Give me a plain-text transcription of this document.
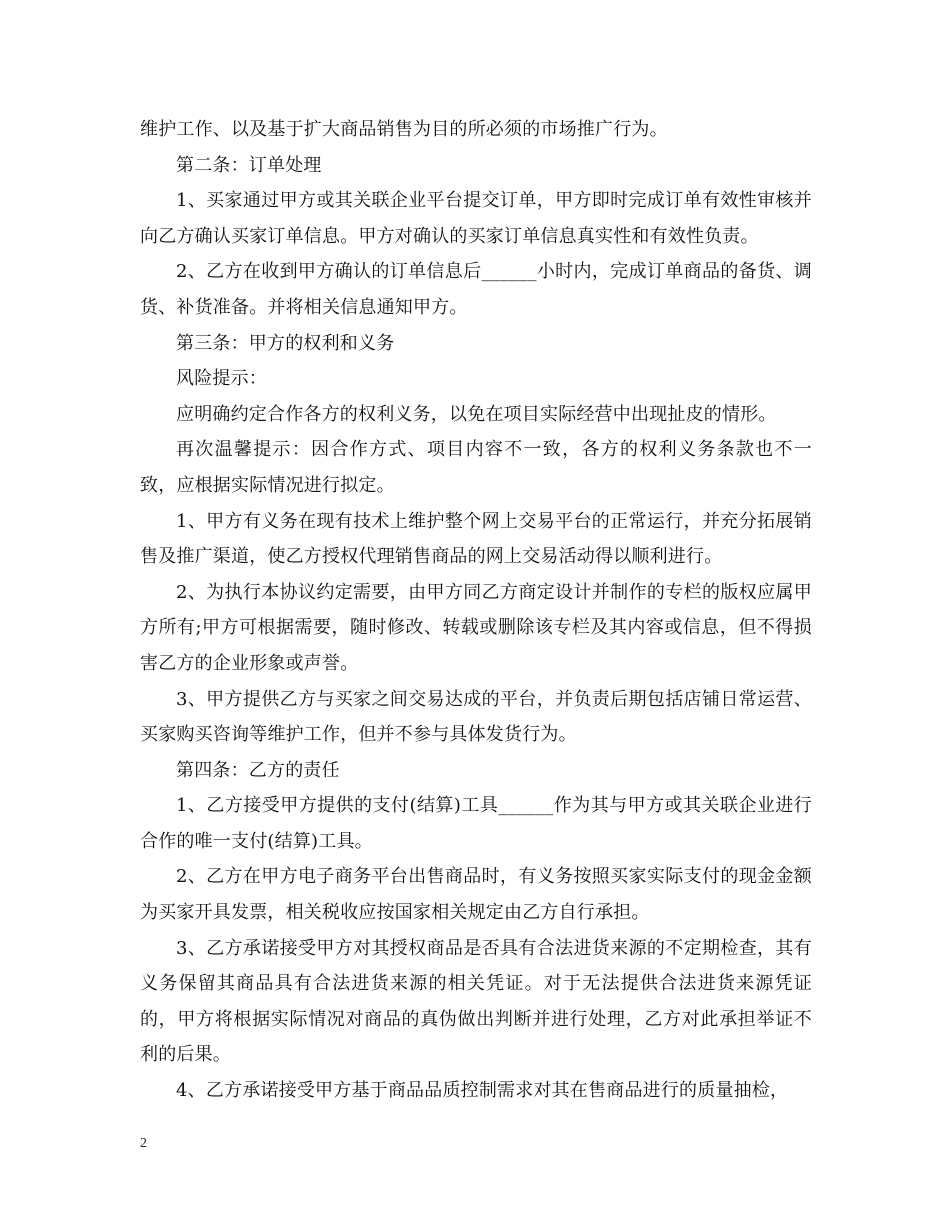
维护工作、以及基于扩大商品销售为目的所必须的市场推广行为。

第二条：订单处理

1、买家通过甲方或其关联企业平台提交订单，甲方即时完成订单有效性审核并向乙方确认买家订单信息。甲方对确认的买家订单信息真实性和有效性负责。

2、乙方在收到甲方确认的订单信息后______小时内，完成订单商品的备货、调货、补货准备。并将相关信息通知甲方。

第三条：甲方的权利和义务

风险提示：

应明确约定合作各方的权利义务，以免在项目实际经营中出现扯皮的情形。

再次温馨提示：因合作方式、项目内容不一致，各方的权利义务条款也不一致，应根据实际情况进行拟定。

1、甲方有义务在现有技术上维护整个网上交易平台的正常运行，并充分拓展销售及推广渠道，使乙方授权代理销售商品的网上交易活动得以顺利进行。

2、为执行本协议约定需要，由甲方同乙方商定设计并制作的专栏的版权应属甲方所有;甲方可根据需要，随时修改、转载或删除该专栏及其内容或信息，但不得损害乙方的企业形象或声誉。

3、甲方提供乙方与买家之间交易达成的平台，并负责后期包括店铺日常运营、买家购买咨询等维护工作，但并不参与具体发货行为。

第四条：乙方的责任

1、乙方接受甲方提供的支付(结算)工具______作为其与甲方或其关联企业进行合作的唯一支付(结算)工具。

2、乙方在甲方电子商务平台出售商品时，有义务按照买家实际支付的现金金额为买家开具发票，相关税收应按国家相关规定由乙方自行承担。

3、乙方承诺接受甲方对其授权商品是否具有合法进货来源的不定期检查，其有义务保留其商品具有合法进货来源的相关凭证。对于无法提供合法进货来源凭证的，甲方将根据实际情况对商品的真伪做出判断并进行处理，乙方对此承担举证不利的后果。

4、乙方承诺接受甲方基于商品品质控制需求对其在售商品进行的质量抽检，

2
